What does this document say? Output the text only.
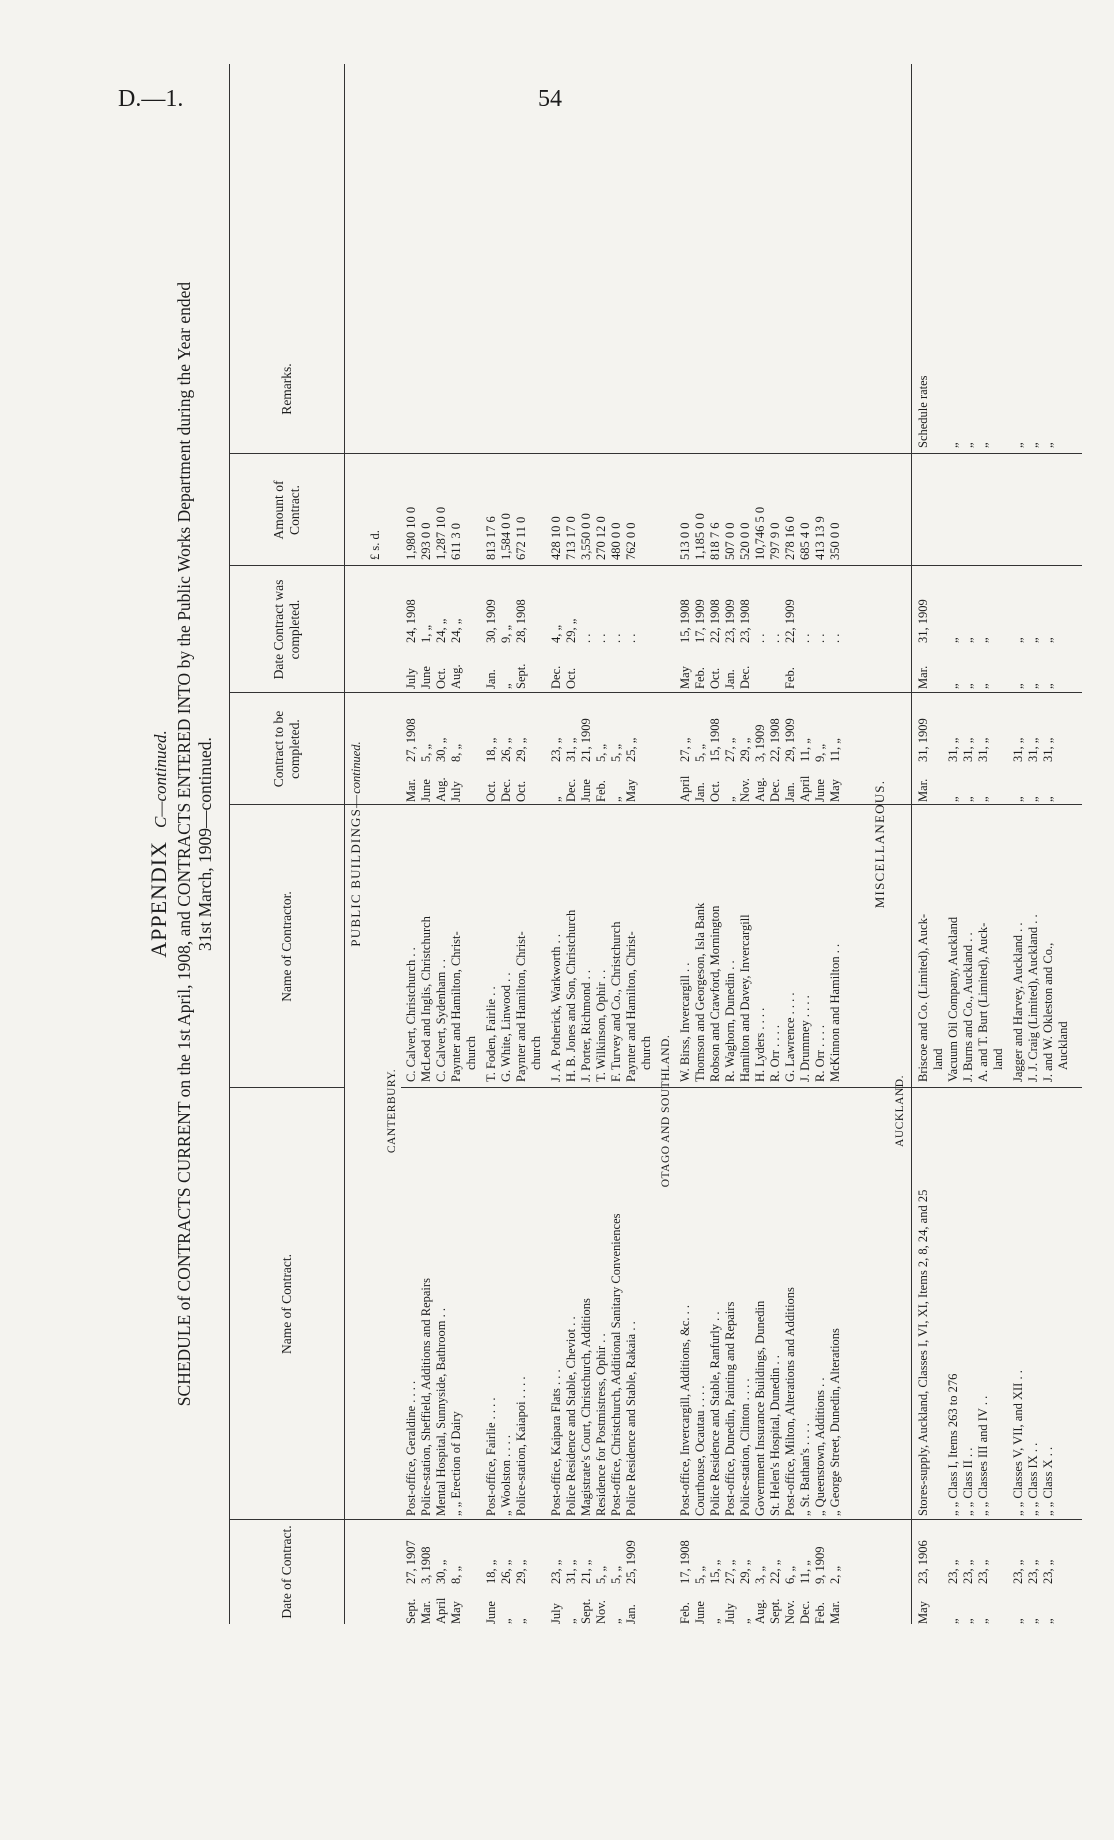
D.—1.	54
APPENDIX  C—continued. SCHEDULE of CONTRACTS CURRENT on the 1st April, 1908, and CONTRACTS ENTERED INTO by the Public Works Department during the Year ended 31st March, 1909—continued.
Date of Contract.
Name of Contract.
Name of Contractor.
Contract to be completed.
Date Contract was completed.
Amount of Contract.
Remarks.
PUBLIC BUILDINGS—continued.
£ s. d.
CANTERBURY.
Sept.
27, 1907
Post-office, Geraldine . . . .
C. Calvert, Christchurch . .
Mar.
27, 1908
July
24, 1908
1,980 10 0
Mar.
3, 1908
Police-station, Sheffield, Additions and Repairs
McLeod and Inglis, Christchurch
June
5, „
June
1, „
293 0 0
April
30, „
Mental Hospital, Sunnyside, Bathroom . .
C. Calvert, Sydenham . .
Aug.
30, „
Oct.
24, „
1,287 10 0
May
8, „
„ „ Erection of Dairy
Paynter and Hamilton, Christ-
July
8, „
Aug.
24, „
611 3 0
church
June
18, „
Post-office, Fairlie . . . .
T. Foden, Fairlie . .
Oct.
18, „
Jan.
30, 1909
813 17 6
„
26, „
„ Woolston . . . .
G. White, Linwood . .
Dec.
26, „
„
9, „
1,584 0 0
„
29, „
Police-station, Kaiapoi . . . .
Paynter and Hamilton, Christ-
Oct.
29, „
Sept.
28, 1908
672 11 0
church
July
23, „
Post-office, Kaipara Flats . . .
J. A. Potherick, Warkworth . .
„
23, „
Dec.
4, „
428 10 0
„
31, „
Police Residence and Stable, Cheviot . .
H. B. Jones and Son, Christchurch
Dec.
31, „
Oct.
29, „
713 17 0
Sept.
21, „
Magistrate's Court, Christchurch, Additions
J. Porter, Richmond . .
June
21, 1909
. .
3,550 0 0
Nov.
5, „
Residence for Postmistress, Ophir . .
T. Wilkinson, Ophir . .
Feb.
5, „
. .
270 12 0
„
5, „
Post-office, Christchurch, Additional Sanitary Conveniences
F. Turvey and Co., Christchurch
„
5, „
. .
480 0 0
Jan.
25, 1909
Police Residence and Stable, Rakaia . .
Paynter and Hamilton, Christ-
May
25, „
. .
762 0 0
church OTAGO AND SOUTHLAND.
Feb.
17, 1908
Post-office, Invercargill, Additions, &c. . .
W. Birss, Invercargill . .
April
27, „
May
15, 1908
513 0 0
June
5, „
Courthouse, Ocautau . . . .
Thomson and Georgeson, Isla Bank
Jan.
5, „
Feb.
17, 1909
1,185 0 0
„
15, „
Police Residence and Stable, Ranfurly . .
Robson and Crawford, Mornington
Oct.
15, 1908
Oct.
22, 1908
818 7 6
July
27, „
Post-office, Dunedin, Painting and Repairs
R. Waghorn, Dunedin . .
„
27, „
Jan.
23, 1909
507 0 0
„
29, „
Police-station, Clinton . . . .
Hamilton and Davey, Invercargill
Nov.
29, „
Dec.
23, 1908
520 0 0
Aug.
3, „
Government Insurance Buildings, Dunedin
H. Lyders . . . .
Aug.
3, 1909
. .
10,746 5 0
Sept.
22, „
St. Helen's Hospital, Dunedin . .
R. Orr . . . .
Dec.
22, 1908
. .
797 9 0
Nov.
6, „
Post-office, Milton, Alterations and Additions
G. Lawrence . . . .
Jan.
29, 1909
Feb.
22, 1909
278 16 0
Dec.
11, „
„ St. Bathan's . . . .
J. Drummey . . . .
April
11, „
. .
685 4 0
Feb.
9, 1909
„ Queenstown, Additions . .
R. Orr . . . .
June
9, „
. .
413 13 9
Mar.
2, „
„ George Street, Dunedin, Alterations
McKinnon and Hamilton . .
May
11, „
. .
350 0 0
MISCELLANEOUS.
AUCKLAND.
May
23, 1906
Stores-supply, Auckland, Classes I, VI, XI, Items 2, 8, 24, and 25
Briscoe and Co. (Limited), Auck-
Mar.
31, 1909
Mar.
31, 1909
Schedule rates
land
„
23, „
„ „ Class I, Items 263 to 276
Vacuum Oil Company, Auckland
„
31, „
„
„
„
„
23, „
„ „ Class II . .
J. Burns and Co., Auckland . .
„
31, „
„
„
„
„
23, „
„ „ Classes III and IV . .
A. and T. Burt (Limited), Auck-
„
31, „
„
„
„
land
„
23, „
„ „ Classes V, VII, and XII . .
Jagger and Harvey, Auckland . .
„
31, „
„
„
„
„
23, „
„ „ Class IX . .
J. J. Craig (Limited), Auckland . .
„
31, „
„
„
„
„
23, „
„ „ Class X . .
J. and W. Okleston and Co.,
„
31, „
„
„
„
Auckland
